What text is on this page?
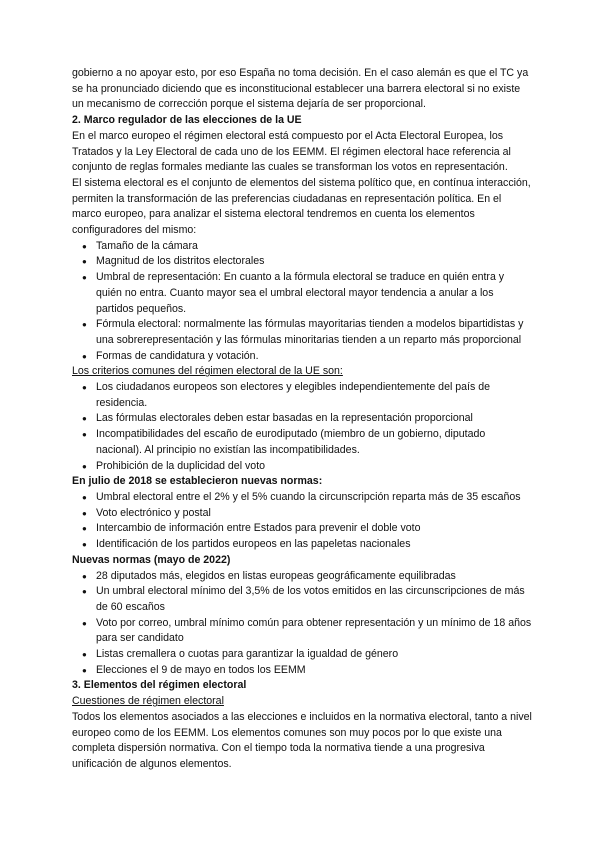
gobierno a no apoyar esto, por eso España no toma decisión. En el caso alemán es que el TC ya se ha pronunciado diciendo que es inconstitucional establecer una barrera electoral si no existe un mecanismo de corrección porque el sistema dejaría de ser proporcional.

2. Marco regulador de las elecciones de la UE

En el marco europeo el régimen electoral está compuesto por el Acta Electoral Europea, los Tratados y la Ley Electoral de cada uno de los EEMM. El régimen electoral hace referencia al conjunto de reglas formales mediante las cuales se transforman los votos en representación.

El sistema electoral es el conjunto de elementos del sistema político que, en contínua interacción, permiten la transformación de las preferencias ciudadanas en representación política. En el marco europeo, para analizar el sistema electoral tendremos en cuenta los elementos configuradores del mismo:

● Tamaño de la cámara
● Magnitud de los distritos electorales
● Umbral de representación: En cuanto a la fórmula electoral se traduce en quién entra y quién no entra. Cuanto mayor sea el umbral electoral mayor tendencia a anular a los partidos pequeños.
● Fórmula electoral: normalmente las fórmulas mayoritarias tienden a modelos bipartidistas y una sobrerepresentación y las fórmulas minoritarias tienden a un reparto más proporcional
● Formas de candidatura y votación.

Los criterios comunes del régimen electoral de la UE son:

● Los ciudadanos europeos son electores y elegibles independientemente del país de residencia.
● Las fórmulas electorales deben estar basadas en la representación proporcional
● Incompatibilidades del escaño de eurodiputado (miembro de un gobierno, diputado nacional). Al principio no existían las incompatibilidades.
● Prohibición de la duplicidad del voto

En julio de 2018 se establecieron nuevas normas:

● Umbral electoral entre el 2% y el 5% cuando la circunscripción reparta más de 35 escaños
● Voto electrónico y postal
● Intercambio de información entre Estados para prevenir el doble voto
● Identificación de los partidos europeos en las papeletas nacionales

Nuevas normas (mayo de 2022)

● 28 diputados más, elegidos en listas europeas geográficamente equilibradas
● Un umbral electoral mínimo del 3,5% de los votos emitidos en las circunscripciones de más de 60 escaños
● Voto por correo, umbral mínimo común para obtener representación y un mínimo de 18 años para ser candidato
● Listas cremallera o cuotas para garantizar la igualdad de género
● Elecciones el 9 de mayo en todos los EEMM

3. Elementos del régimen electoral

Cuestiones de régimen electoral

Todos los elementos asociados a las elecciones e incluidos en la normativa electoral, tanto a nivel europeo como de los EEMM. Los elementos comunes son muy pocos por lo que existe una completa dispersión normativa. Con el tiempo toda la normativa tiende a una progresiva unificación de algunos elementos.
